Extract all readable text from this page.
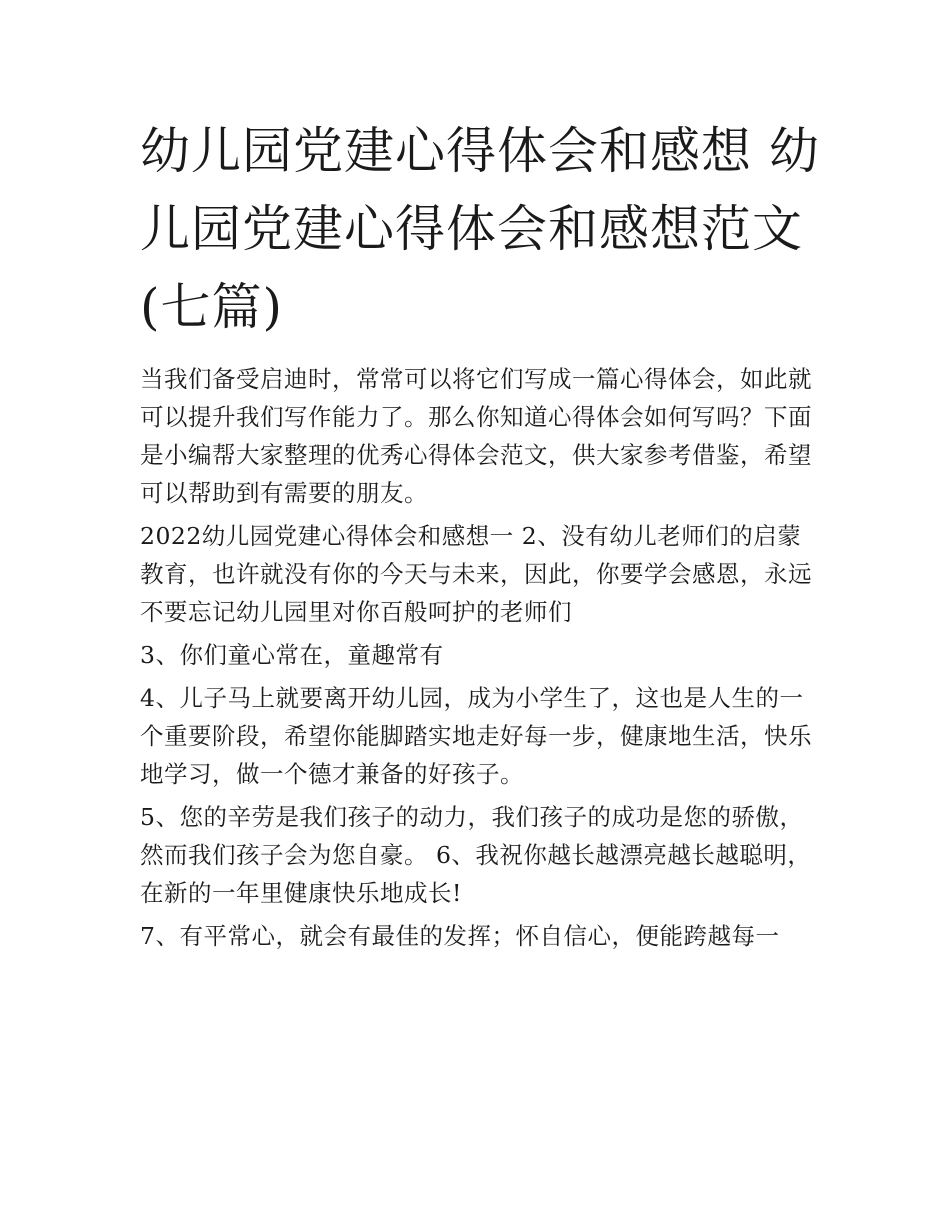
幼儿园党建心得体会和感想 幼儿园党建心得体会和感想范文(七篇)

当我们备受启迪时，常常可以将它们写成一篇心得体会，如此就可以提升我们写作能力了。那么你知道心得体会如何写吗？下面是小编帮大家整理的优秀心得体会范文，供大家参考借鉴，希望可以帮助到有需要的朋友。

2022幼儿园党建心得体会和感想一 2、没有幼儿老师们的启蒙教育，也许就没有你的今天与未来，因此，你要学会感恩，永远不要忘记幼儿园里对你百般呵护的老师们

3、你们童心常在，童趣常有

4、儿子马上就要离开幼儿园，成为小学生了，这也是人生的一个重要阶段，希望你能脚踏实地走好每一步，健康地生活，快乐地学习，做一个德才兼备的好孩子。

5、您的辛劳是我们孩子的动力，我们孩子的成功是您的骄傲，然而我们孩子会为您自豪。 6、我祝你越长越漂亮越长越聪明，在新的一年里健康快乐地成长!

7、有平常心，就会有最佳的发挥；怀自信心，便能跨越每一
